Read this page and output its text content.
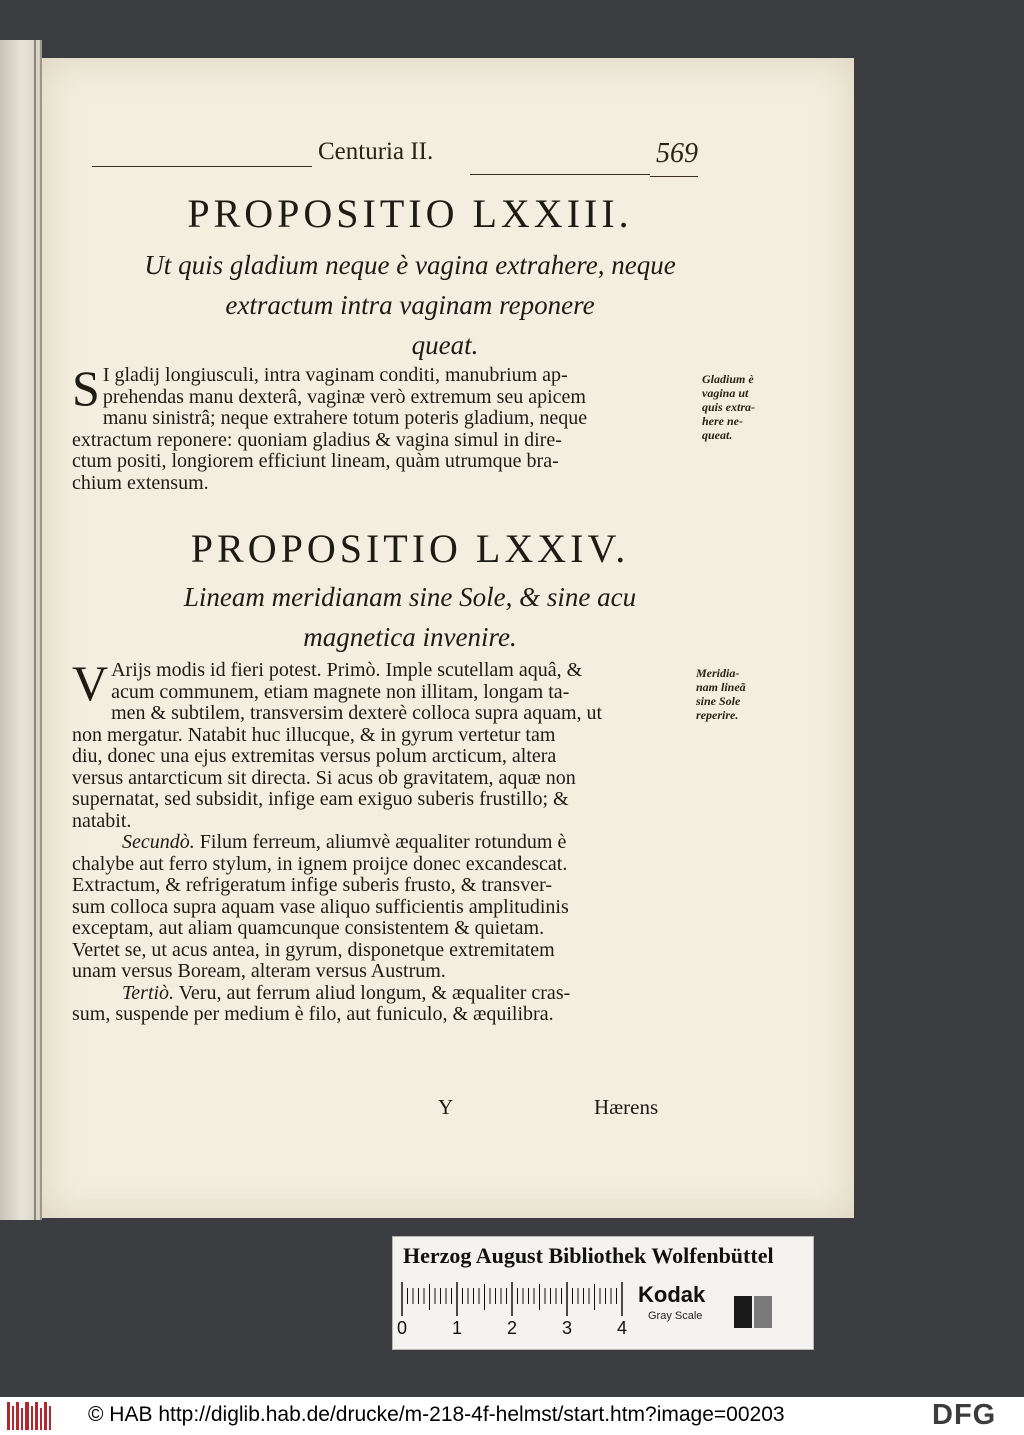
Centuria II.	569
PROPOSITIO LXXIII.
Ut quis gladium neque è vagina extrahere, neque
extractum intra vaginam reponere
queat.
S I gladij longiusculi, intra vaginam conditi, manubrium ap-

prehendas manu dexterâ, vaginæ verò extremum seu apicem

manu sinistrâ; neque extrahere totum poteris gladium, neque

extractum reponere: quoniam gladius & vagina simul in dire-

ctum positi, longiorem efficiunt lineam, quàm utrumque bra-

chium extensum.

Gladium è
vagina ut
quis extra-
here ne-
queat.
PROPOSITIO LXXIV.
Lineam meridianam sine Sole, & sine acu
magnetica invenire.
V Arijs modis id fieri potest. Primò. Imple scutellam aquâ, &

acum communem, etiam magnete non illitam, longam ta-

men & subtilem, transversim dexterè colloca supra aquam, ut

non mergatur. Natabit huc illucque, & in gyrum vertetur tam

diu, donec una ejus extremitas versus polum arcticum, altera

versus antarcticum sit directa. Si acus ob gravitatem, aquæ non

supernatat, sed subsidit, infige eam exiguo suberis frustillo; &

natabit.

Secundò. Filum ferreum, aliumvè æqualiter rotundum è

chalybe aut ferro stylum, in ignem proijce donec excandescat.

Extractum, & refrigeratum infige suberis frusto, & transver-

sum colloca supra aquam vase aliquo sufficientis amplitudinis

exceptam, aut aliam quamcunque consistentem & quietam.

Vertet se, ut acus antea, in gyrum, disponetque extremitatem

unam versus Boream, alteram versus Austrum.

Tertiò. Veru, aut ferrum aliud longum, & æqualiter cras-

sum, suspende per medium è filo, aut funiculo, & æquilibra.

Meridia-
nam lineã
sine Sole
reperire.
Y	Hærens
Herzog August Bibliothek Wolfenbüttel
0 1 2 3 4
Kodak
Gray Scale
© HAB http://diglib.hab.de/drucke/m-218-4f-helmst/start.htm?image=00203	DFG
